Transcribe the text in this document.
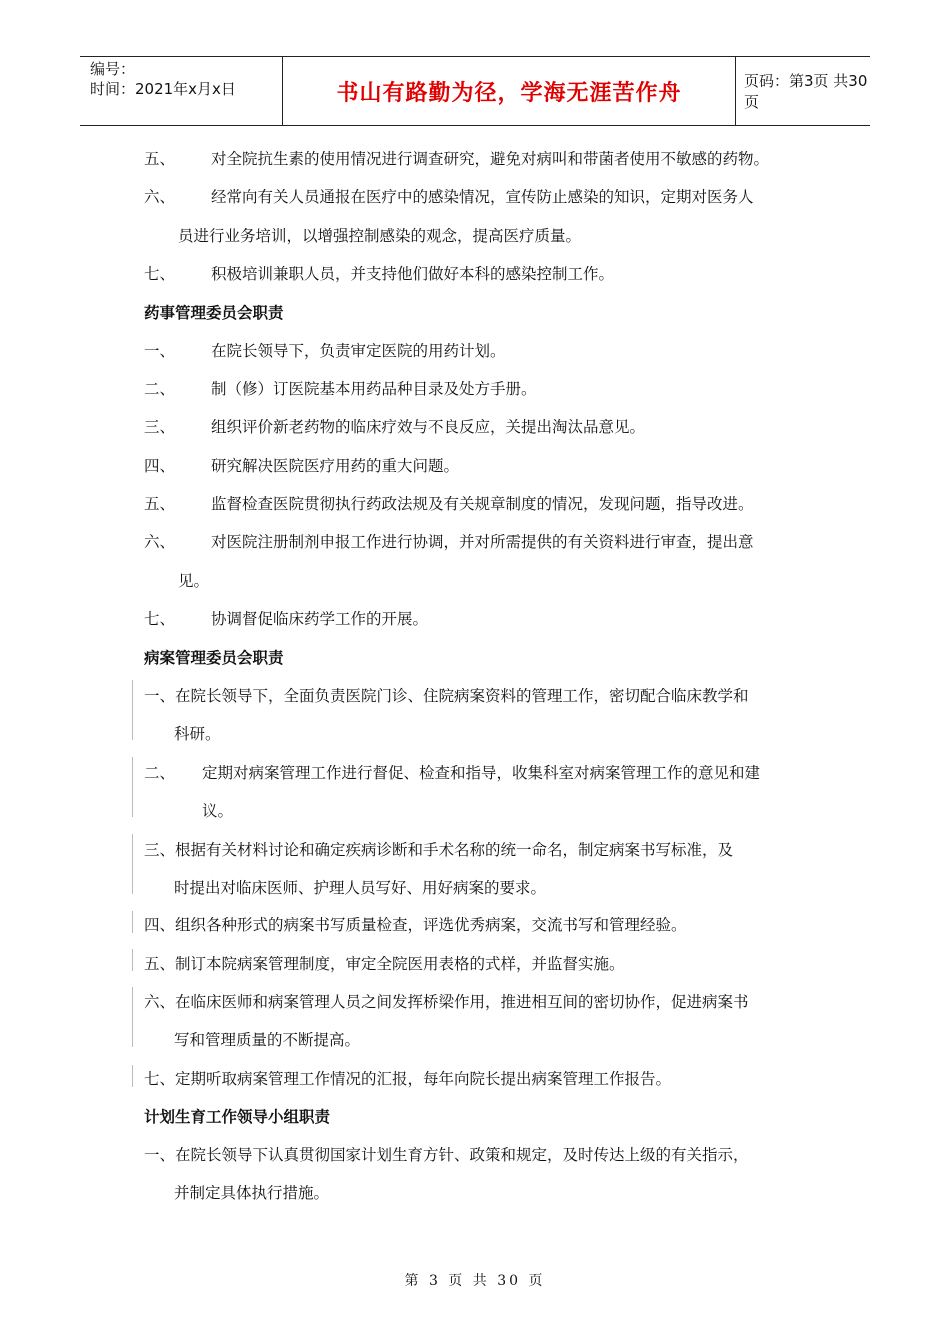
编号：
时间：2021年x月x日	书山有路勤为径，学海无涯苦作舟	页码：第3页 共30页
五、 对全院抗生素的使用情况进行调查研究，避免对病叫和带菌者使用不敏感的药物。
六、 经常向有关人员通报在医疗中的感染情况，宣传防止感染的知识，定期对医务人
员进行业务培训，以增强控制感染的观念，提高医疗质量。
七、 积极培训兼职人员，并支持他们做好本科的感染控制工作。
药事管理委员会职责
一、 在院长领导下，负责审定医院的用药计划。
二、 制（修）订医院基本用药品种目录及处方手册。
三、 组织评价新老药物的临床疗效与不良反应，关提出淘汰品意见。
四、 研究解决医院医疗用药的重大问题。
五、 监督检查医院贯彻执行药政法规及有关规章制度的情况，发现问题，指导改进。
六、 对医院注册制剂申报工作进行协调，并对所需提供的有关资料进行审查，提出意
见。
七、 协调督促临床药学工作的开展。
病案管理委员会职责
一、在院长领导下，全面负责医院门诊、住院病案资料的管理工作，密切配合临床教学和
科研。
二、 定期对病案管理工作进行督促、检查和指导，收集科室对病案管理工作的意见和建
议。
三、根据有关材料讨论和确定疾病诊断和手术名称的统一命名，制定病案书写标准，及
时提出对临床医师、护理人员写好、用好病案的要求。
四、组织各种形式的病案书写质量检查，评选优秀病案，交流书写和管理经验。
五、制订本院病案管理制度，审定全院医用表格的式样，并监督实施。
六、在临床医师和病案管理人员之间发挥桥梁作用，推进相互间的密切协作，促进病案书
写和管理质量的不断提高。
七、定期听取病案管理工作情况的汇报，每年向院长提出病案管理工作报告。
计划生育工作领导小组职责
一、在院长领导下认真贯彻国家计划生育方针、政策和规定，及时传达上级的有关指示，
并制定具体执行措施。
第 3 页 共 30 页
